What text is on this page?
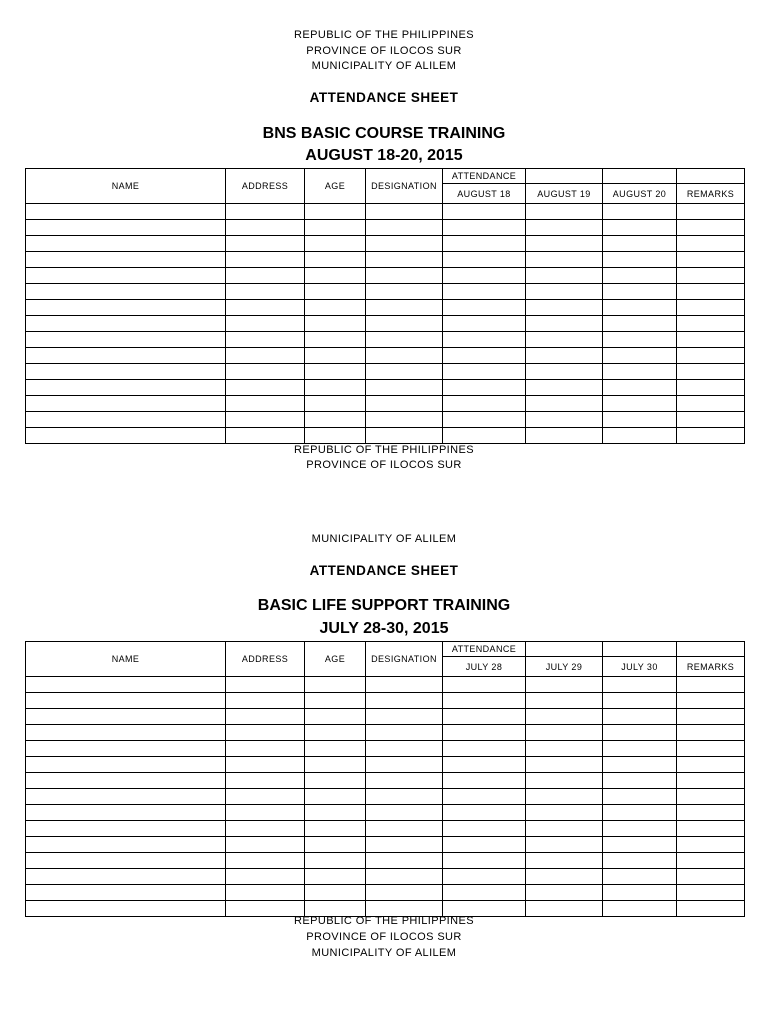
REPUBLIC OF THE PHILIPPINES
PROVINCE OF ILOCOS SUR
MUNICIPALITY OF ALILEM
ATTENDANCE SHEET
BNS BASIC COURSE TRAINING
AUGUST 18-20, 2015
NAME	ADDRESS	AGE	DESIGNATION	ATTENDANCE			
				AUGUST 18	AUGUST 19	AUGUST 20	REMARKS

REPUBLIC OF THE PHILIPPINES
PROVINCE OF ILOCOS SUR
MUNICIPALITY OF ALILEM
ATTENDANCE SHEET
BASIC LIFE SUPPORT TRAINING
JULY 28-30, 2015
NAME	ADDRESS	AGE	DESIGNATION	ATTENDANCE			
				JULY 28	JULY 29	JULY 30	REMARKS

REPUBLIC OF THE PHILIPPINES
PROVINCE OF ILOCOS SUR
MUNICIPALITY OF ALILEM
